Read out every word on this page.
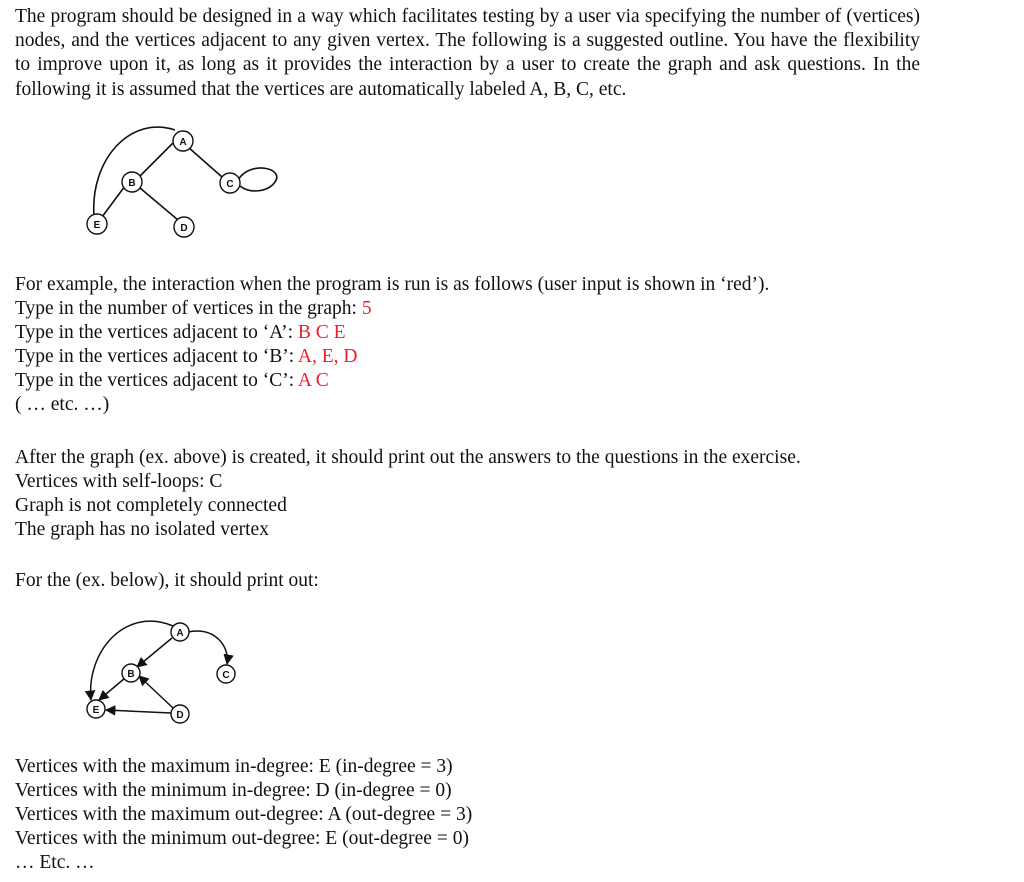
The program should be designed in a way which facilitates testing by a user via specifying the number of (vertices) nodes, and the vertices adjacent to any given vertex. The following is a suggested outline. You have the flexibility to improve upon it, as long as it provides the interaction by a user to create the graph and ask questions. In the following it is assumed that the vertices are automatically labeled A, B, C, etc.

A
B	C
D
E
For example, the interaction when the program is run is as follows (user input is shown in ‘red’).
Type in the number of vertices in the graph: 5
Type in the vertices adjacent to ‘A’: B C E
Type in the vertices adjacent to ‘B’: A, E, D
Type in the vertices adjacent to ‘C’: A C
( … etc. …)
After the graph (ex. above) is created, it should print out the answers to the questions in the exercise.
Vertices with self-loops: C
Graph is not completely connected
The graph has no isolated vertex
For the (ex. below), it should print out:
A
B	C
D
E
Vertices with the maximum in-degree: E (in-degree = 3)
Vertices with the minimum in-degree: D (in-degree = 0)
Vertices with the maximum out-degree: A (out-degree = 3)
Vertices with the minimum out-degree: E (out-degree = 0)
… Etc. …
